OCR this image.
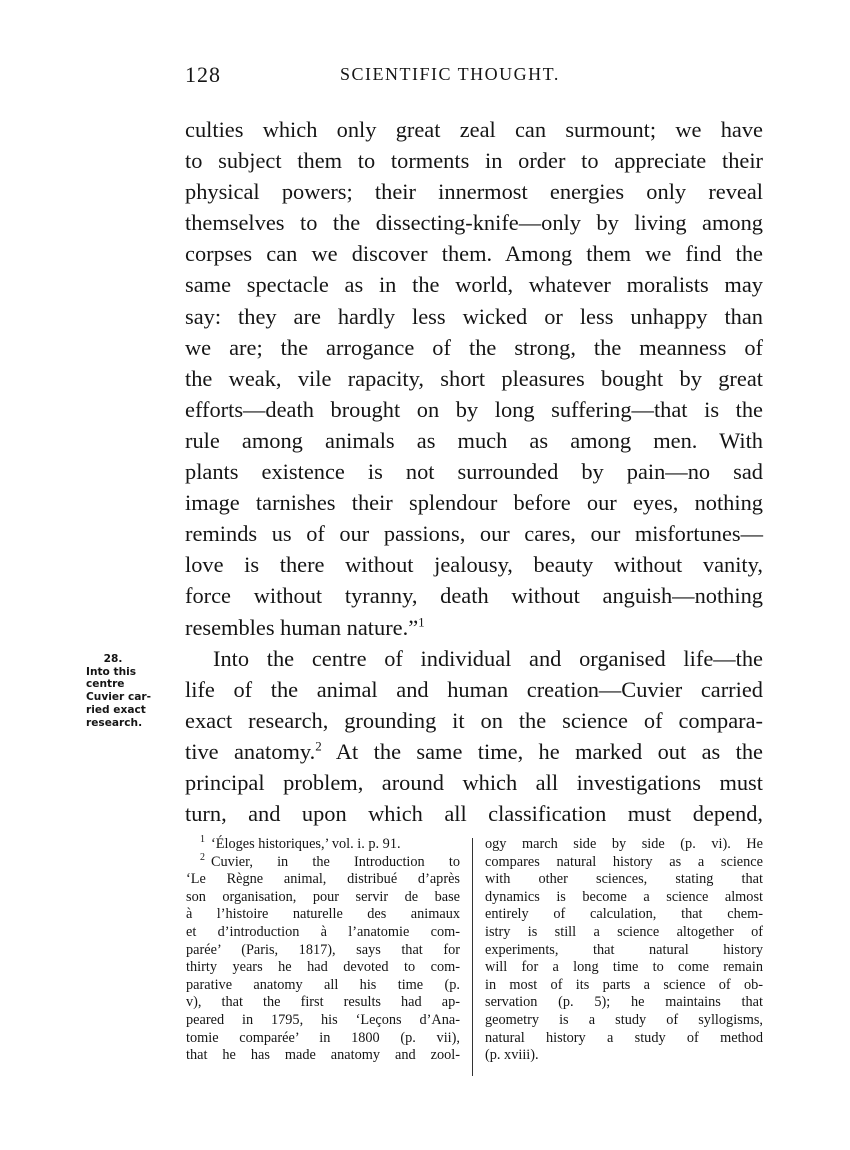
128	SCIENTIFIC THOUGHT.
culties which only great zeal can surmount; we have
to subject them to torments in order to appreciate their
physical powers; their innermost energies only reveal
themselves to the dissecting-knife—only by living among
corpses can we discover them. Among them we find the
same spectacle as in the world, whatever moralists may
say: they are hardly less wicked or less unhappy than
we are; the arrogance of the strong, the meanness of
the weak, vile rapacity, short pleasures bought by great
efforts—death brought on by long suffering—that is the
rule among animals as much as among men. With
plants existence is not surrounded by pain—no sad
image tarnishes their splendour before our eyes, nothing
reminds us of our passions, our cares, our misfortunes—
love is there without jealousy, beauty without vanity,
force without tyranny, death without anguish—nothing
resembles human nature.”$^1$
Into the centre of individual and organised life—the
life of the animal and human creation—Cuvier carried
exact research, grounding it on the science of compara-
tive anatomy.$^2$ At the same time, he marked out as the
principal problem, around which all investigations must
turn, and upon which all classification must depend,
28.
Into this
centre
Cuvier car-
ried exact
research.
$^1$ ‘Éloges historiques,’ vol. i. p. 91.
$^2$ Cuvier, in the Introduction to
‘Le Règne animal, distribué d’après
son organisation, pour servir de base
à l’histoire naturelle des animaux
et d’introduction à l’anatomie com-
parée’ (Paris, 1817), says that for
thirty years he had devoted to com-
parative anatomy all his time (p.
v), that the first results had ap-
peared in 1795, his ‘Leçons d’Ana-
tomie comparée’ in 1800 (p. vii),
that he has made anatomy and zool-
ogy march side by side (p. vi). He
compares natural history as a science
with other sciences, stating that
dynamics is become a science almost
entirely of calculation, that chem-
istry is still a science altogether of
experiments, that natural history
will for a long time to come remain
in most of its parts a science of ob-
servation (p. 5); he maintains that
geometry is a study of syllogisms,
natural history a study of method
(p. xviii).
